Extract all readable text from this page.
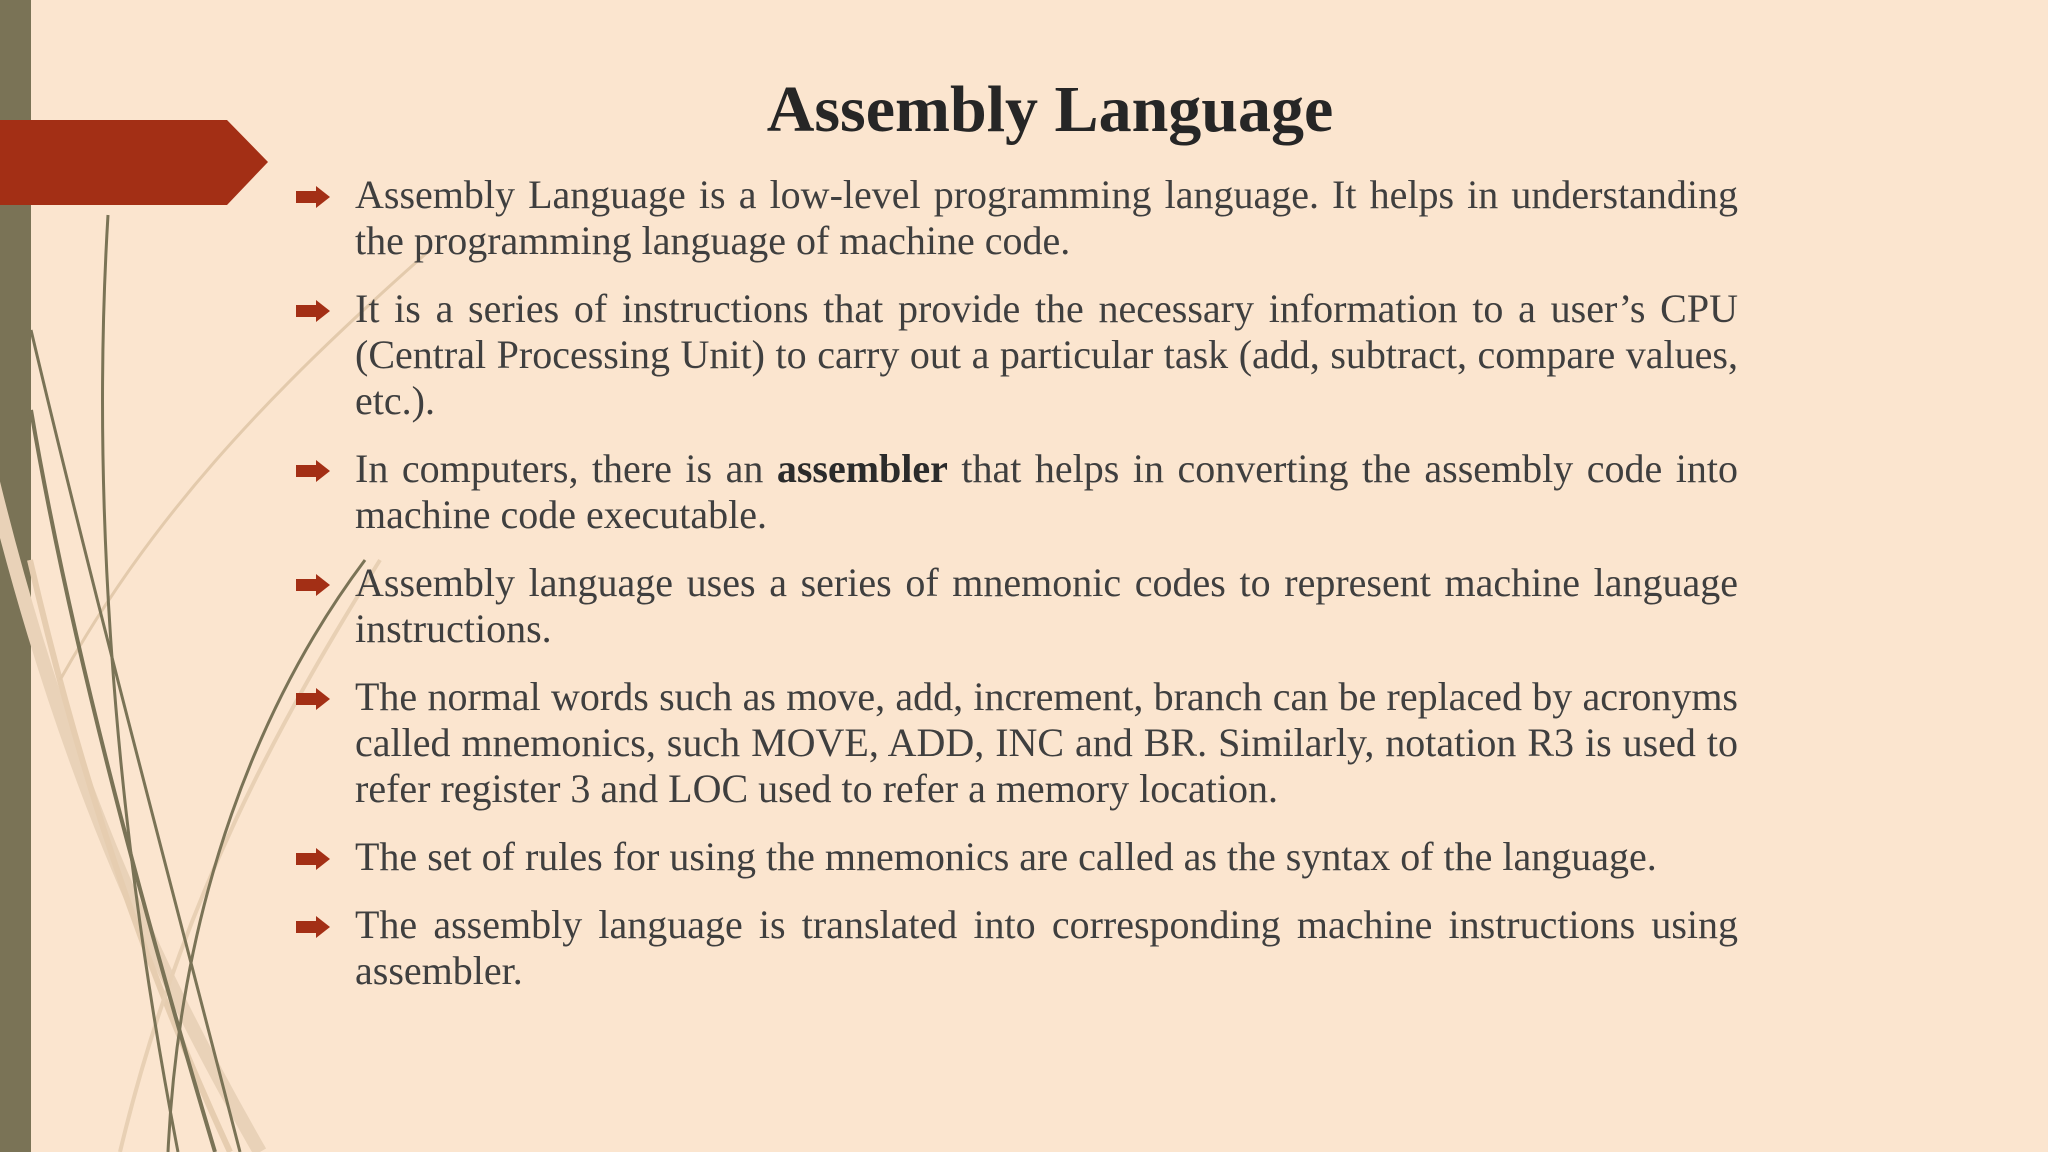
Assembly Language
Assembly Language is a low-level programming language. It helps in understanding the programming language of machine code.
It is a series of instructions that provide the necessary information to a user’s CPU (Central Processing Unit) to carry out a particular task (add, subtract, compare values, etc.).
In computers, there is an assembler that helps in converting the assembly code into machine code executable.
Assembly language uses a series of mnemonic codes to represent machine language instructions.
The normal words such as move, add, increment, branch can be replaced by acronyms called mnemonics, such MOVE, ADD, INC and BR. Similarly, notation R3 is used to refer register 3 and LOC used to refer a memory location.
The set of rules for using the mnemonics are called as the syntax of the language.
The assembly language is translated into corresponding machine instructions using assembler.
